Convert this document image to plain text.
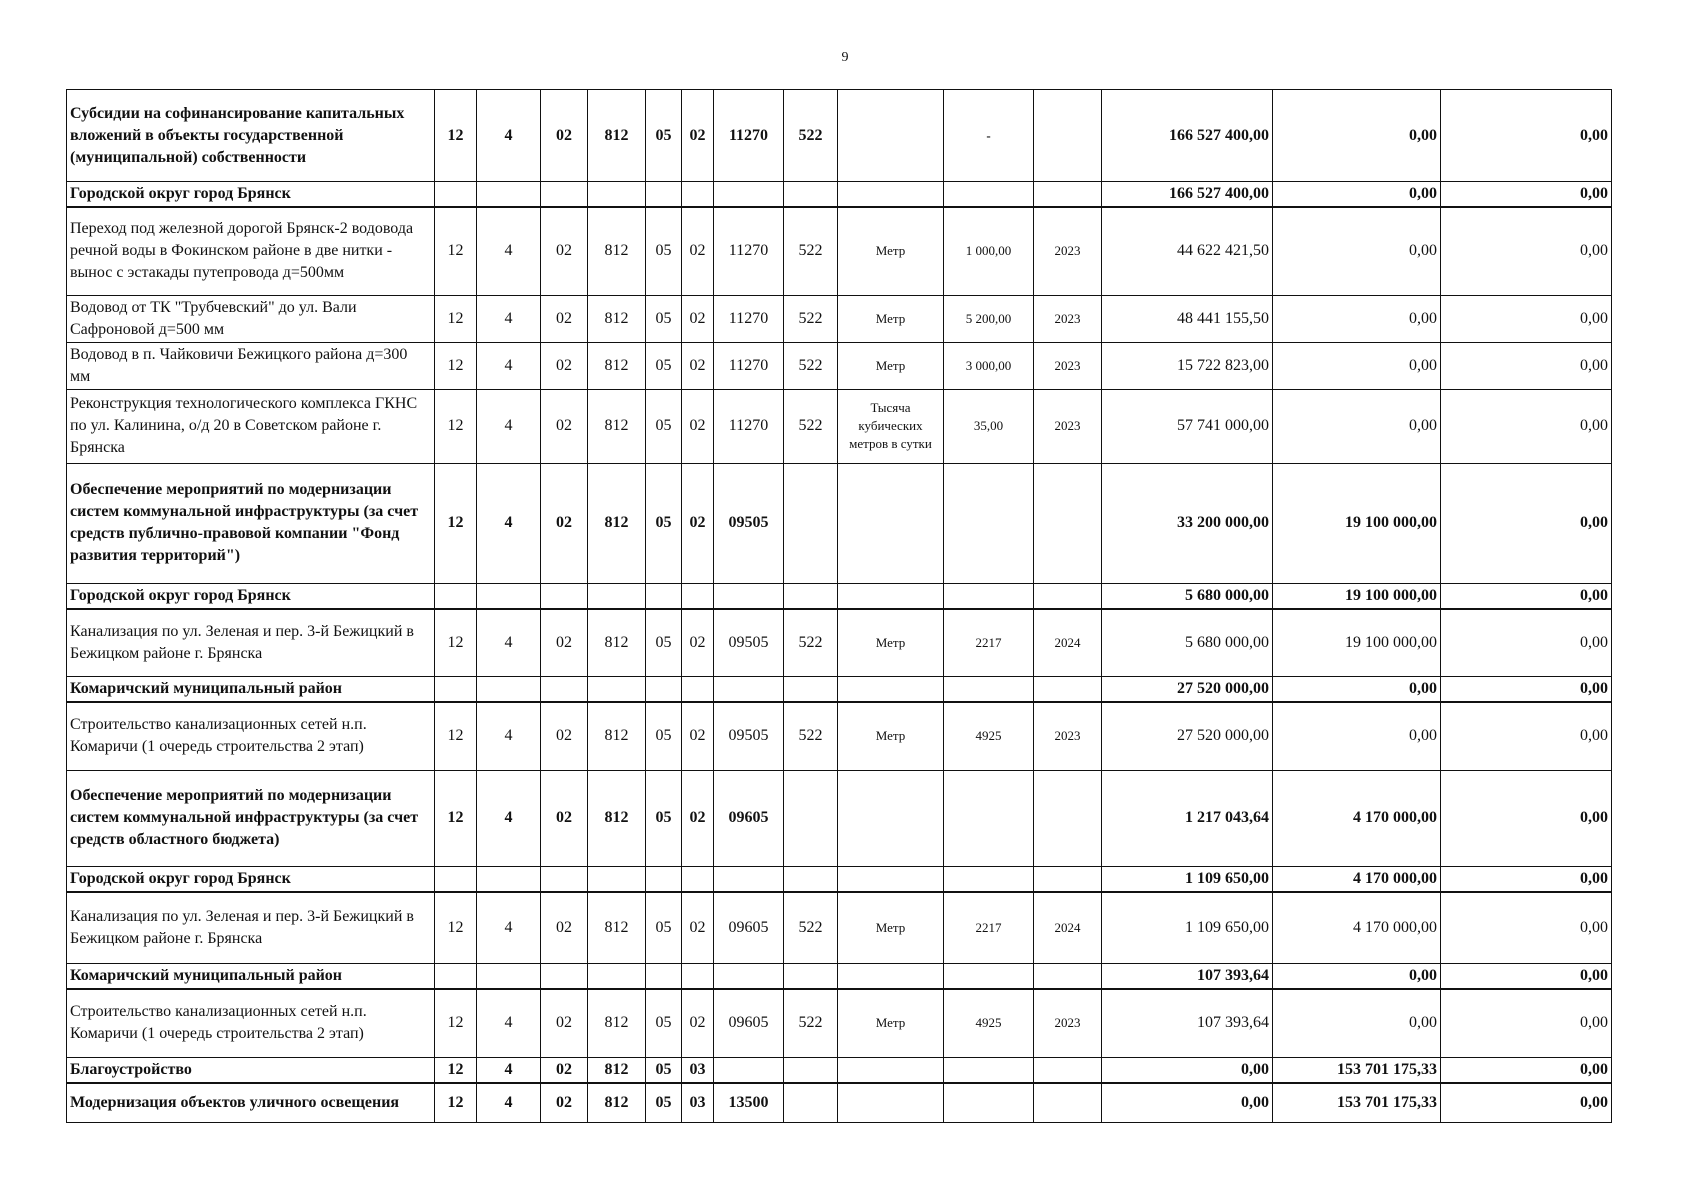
9
Субсидии на софинансирование капитальных вложений в объекты государственной (муниципальной) собственности	12	4	02	812	05	02	11270	522		-		166 527 400,00	0,00	0,00
Городской округ город Брянск												166 527 400,00	0,00	0,00
Переход под железной дорогой Брянск-2 водовода речной воды в Фокинском районе в две нитки - вынос с эстакады путепровода д=500мм	12	4	02	812	05	02	11270	522	Метр	1 000,00	2023	44 622 421,50	0,00	0,00
Водовод от ТК "Трубчевский" до ул. Вали Сафроновой д=500 мм	12	4	02	812	05	02	11270	522	Метр	5 200,00	2023	48 441 155,50	0,00	0,00
Водовод в п. Чайковичи Бежицкого района д=300 мм	12	4	02	812	05	02	11270	522	Метр	3 000,00	2023	15 722 823,00	0,00	0,00
Реконструкция технологического комплекса ГКНС по ул. Калинина, о/д 20 в Советском районе г. Брянска	12	4	02	812	05	02	11270	522	Тысяча кубических метров в сутки	35,00	2023	57 741 000,00	0,00	0,00
Обеспечение мероприятий по модернизации систем коммунальной инфраструктуры (за счет средств публично-правовой компании "Фонд развития территорий")	12	4	02	812	05	02	09505					33 200 000,00	19 100 000,00	0,00
Городской округ город Брянск												5 680 000,00	19 100 000,00	0,00
Канализация по ул. Зеленая и пер. 3-й Бежицкий в Бежицком районе г. Брянска	12	4	02	812	05	02	09505	522	Метр	2217	2024	5 680 000,00	19 100 000,00	0,00
Комаричский муниципальный район												27 520 000,00	0,00	0,00
Строительство канализационных сетей н.п. Комаричи (1 очередь строительства 2 этап)	12	4	02	812	05	02	09505	522	Метр	4925	2023	27 520 000,00	0,00	0,00
Обеспечение мероприятий по модернизации систем коммунальной инфраструктуры (за счет средств областного бюджета)	12	4	02	812	05	02	09605					1 217 043,64	4 170 000,00	0,00
Городской округ город Брянск												1 109 650,00	4 170 000,00	0,00
Канализация по ул. Зеленая и пер. 3-й Бежицкий в Бежицком районе г. Брянска	12	4	02	812	05	02	09605	522	Метр	2217	2024	1 109 650,00	4 170 000,00	0,00
Комаричский муниципальный район												107 393,64	0,00	0,00
Строительство канализационных сетей н.п. Комаричи (1 очередь строительства 2 этап)	12	4	02	812	05	02	09605	522	Метр	4925	2023	107 393,64	0,00	0,00
Благоустройство	12	4	02	812	05	03						0,00	153 701 175,33	0,00
Модернизация объектов уличного освещения	12	4	02	812	05	03	13500					0,00	153 701 175,33	0,00
